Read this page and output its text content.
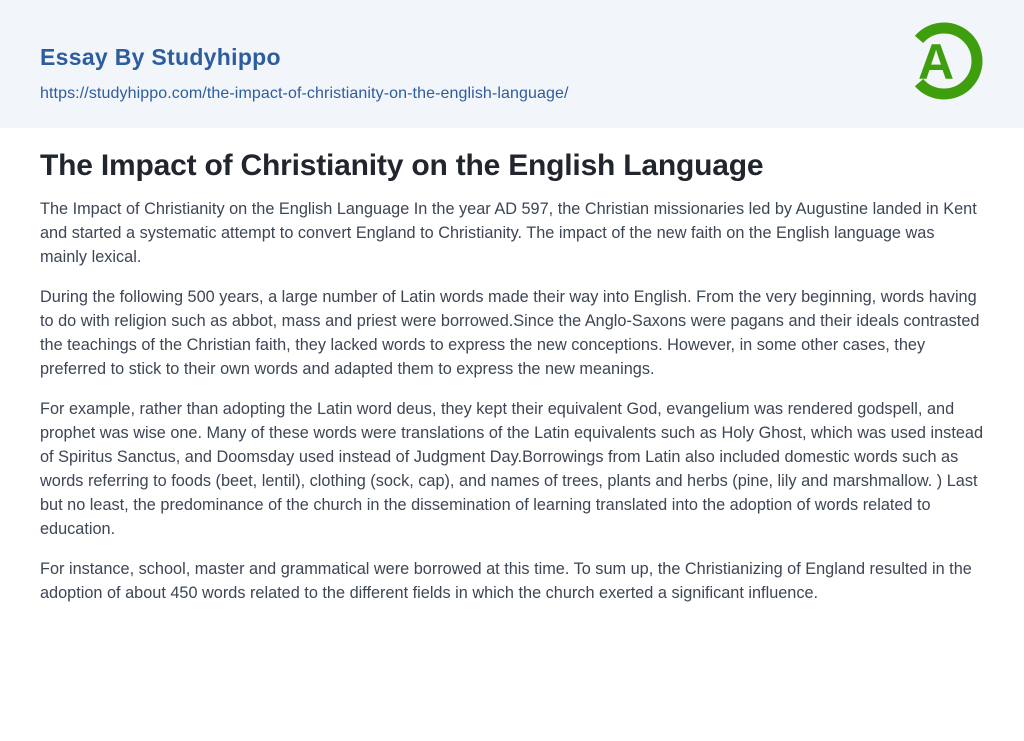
Essay By Studyhippo
https://studyhippo.com/the-impact-of-christianity-on-the-english-language/
A
The Impact of Christianity on the English Language

The Impact of Christianity on the English Language In the year AD 597, the Christian missionaries led by Augustine landed in Kent and started a systematic attempt to convert England to Christianity. The impact of the new faith on the English language was mainly lexical.

During the following 500 years, a large number of Latin words made their way into English. From the very beginning, words having to do with religion such as abbot, mass and priest were borrowed.Since the Anglo-Saxons were pagans and their ideals contrasted the teachings of the Christian faith, they lacked words to express the new conceptions. However, in some other cases, they preferred to stick to their own words and adapted them to express the new meanings.

For example, rather than adopting the Latin word deus, they kept their equivalent God, evangelium was rendered godspell, and prophet was wise one. Many of these words were translations of the Latin equivalents such as Holy Ghost, which was used instead of Spiritus Sanctus, and Doomsday used instead of Judgment Day.Borrowings from Latin also included domestic words such as words referring to foods (beet, lentil), clothing (sock, cap), and names of trees, plants and herbs (pine, lily and marshmallow. ) Last but no least, the predominance of the church in the dissemination of learning translated into the adoption of words related to education.

For instance, school, master and grammatical were borrowed at this time. To sum up, the Christianizing of England resulted in the adoption of about 450 words related to the different fields in which the church exerted a significant influence.
